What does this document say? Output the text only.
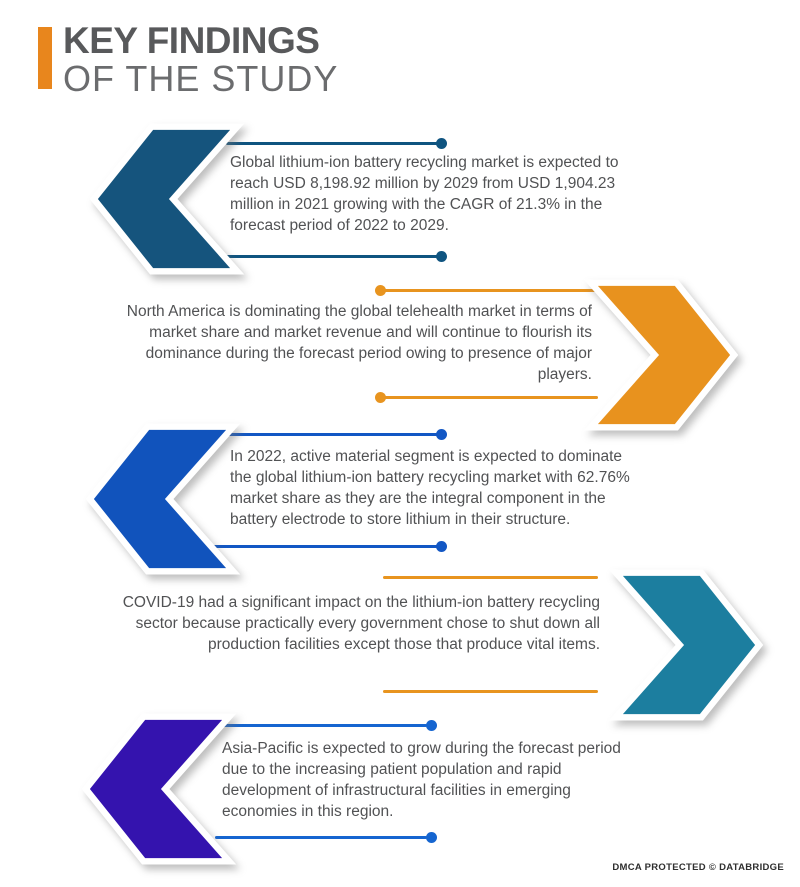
KEY FINDINGS
OF THE STUDY
Global lithium-ion battery recycling market is expected to reach USD 8,198.92 million by 2029 from USD 1,904.23 million in 2021 growing with the CAGR of 21.3% in the forecast period of 2022 to 2029.
North America is dominating the global telehealth market in terms of market share and market revenue and will continue to flourish its dominance during the forecast period owing to presence of major players.
In 2022, active material segment is expected to dominate the global lithium-ion battery recycling market with 62.76% market share as they are the integral component in the battery electrode to store lithium in their structure.
COVID-19 had a significant impact on the lithium-ion battery recycling sector because practically every government chose to shut down all production facilities except those that produce vital items.
Asia-Pacific is expected to grow during the forecast period due to the increasing patient population and rapid development of infrastructural facilities in emerging economies in this region.
DMCA PROTECTED © DATABRIDGE
